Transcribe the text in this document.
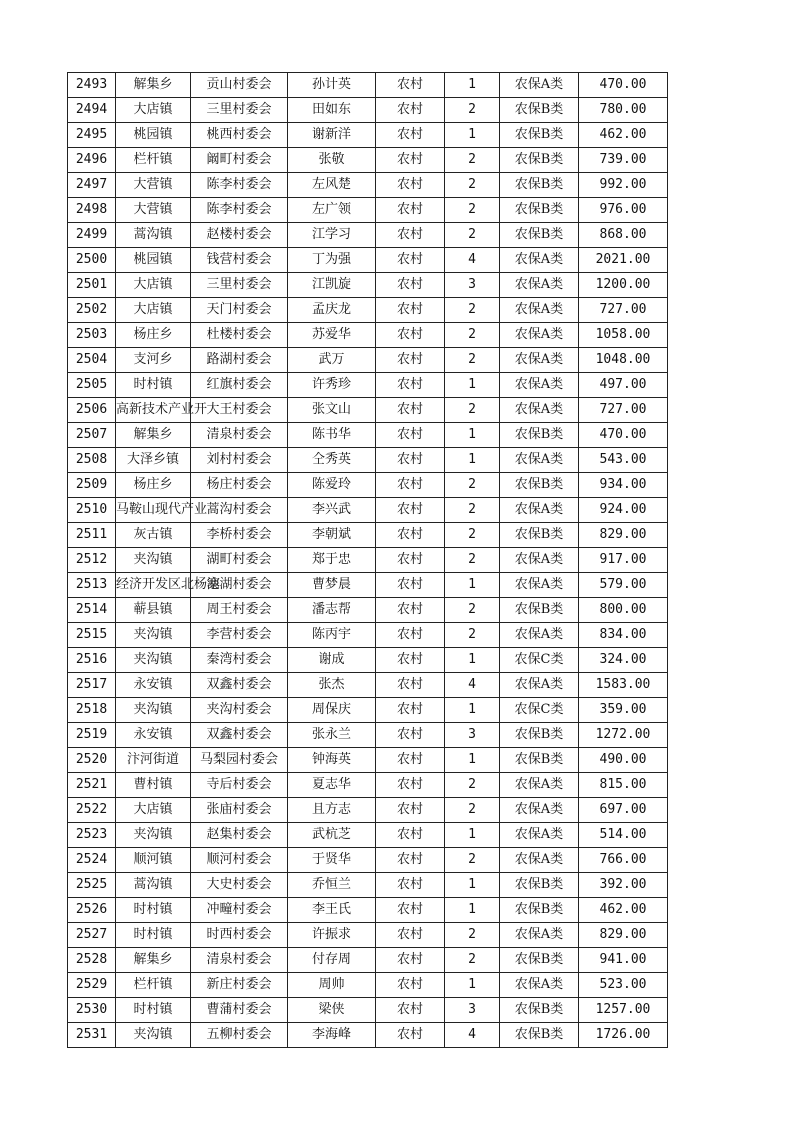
2493	解集乡	贡山村委会	孙计英	农村	1	农保A类	470.00
2494	大店镇	三里村委会	田如东	农村	2	农保B类	780.00
2495	桃园镇	桃西村委会	谢新洋	农村	1	农保B类	462.00
2496	栏杆镇	阚町村委会	张敬	农村	2	农保B类	739.00
2497	大营镇	陈李村委会	左风楚	农村	2	农保B类	992.00
2498	大营镇	陈李村委会	左广领	农村	2	农保B类	976.00
2499	蒿沟镇	赵楼村委会	江学习	农村	2	农保B类	868.00
2500	桃园镇	钱营村委会	丁为强	农村	4	农保A类	2021.00
2501	大店镇	三里村委会	江凯旋	农村	3	农保A类	1200.00
2502	大店镇	天门村委会	孟庆龙	农村	2	农保A类	727.00
2503	杨庄乡	杜楼村委会	苏爱华	农村	2	农保A类	1058.00
2504	支河乡	路湖村委会	武万	农村	2	农保A类	1048.00
2505	时村镇	红旗村委会	许秀珍	农村	1	农保A类	497.00
2506	高新技术产业开	大王村委会	张文山	农村	2	农保A类	727.00
2507	解集乡	清泉村委会	陈书华	农村	1	农保B类	470.00
2508	大泽乡镇	刘村村委会	仝秀英	农村	1	农保A类	543.00
2509	杨庄乡	杨庄村委会	陈爱玲	农村	2	农保B类	934.00
2510	马鞍山现代产业	蒿沟村委会	李兴武	农村	2	农保A类	924.00
2511	灰古镇	李桥村委会	李朝斌	农村	2	农保B类	829.00
2512	夹沟镇	湖町村委会	郑于忠	农村	2	农保A类	917.00
2513	经济开发区北杨寨	池湖村委会	曹梦晨	农村	1	农保A类	579.00
2514	蕲县镇	周王村委会	潘志帮	农村	2	农保B类	800.00
2515	夹沟镇	李营村委会	陈丙宇	农村	2	农保A类	834.00
2516	夹沟镇	秦湾村委会	谢成	农村	1	农保C类	324.00
2517	永安镇	双鑫村委会	张杰	农村	4	农保A类	1583.00
2518	夹沟镇	夹沟村委会	周保庆	农村	1	农保C类	359.00
2519	永安镇	双鑫村委会	张永兰	农村	3	农保B类	1272.00
2520	汴河街道	马梨园村委会	钟海英	农村	1	农保B类	490.00
2521	曹村镇	寺后村委会	夏志华	农村	2	农保A类	815.00
2522	大店镇	张庙村委会	且方志	农村	2	农保A类	697.00
2523	夹沟镇	赵集村委会	武杭芝	农村	1	农保A类	514.00
2524	顺河镇	顺河村委会	于贤华	农村	2	农保A类	766.00
2525	蒿沟镇	大史村委会	乔恒兰	农村	1	农保B类	392.00
2526	时村镇	冲疃村委会	李王氏	农村	1	农保B类	462.00
2527	时村镇	时西村委会	许振求	农村	2	农保A类	829.00
2528	解集乡	清泉村委会	付存周	农村	2	农保B类	941.00
2529	栏杆镇	新庄村委会	周帅	农村	1	农保A类	523.00
2530	时村镇	曹蒲村委会	梁侠	农村	3	农保B类	1257.00
2531	夹沟镇	五柳村委会	李海峰	农村	4	农保B类	1726.00
